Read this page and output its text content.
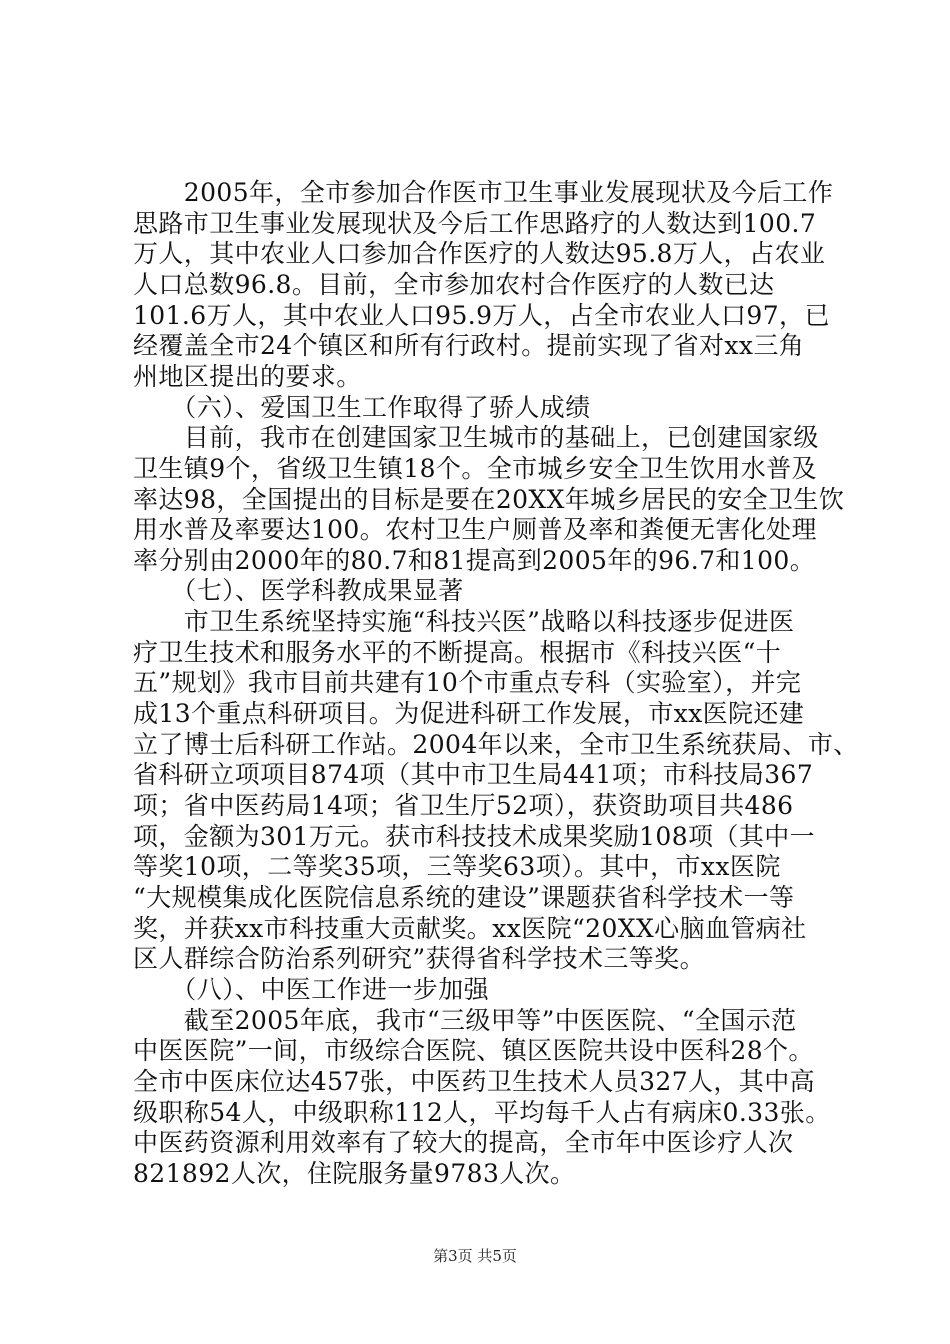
　　2005年，全市参加合作医市卫生事业发展现状及今后工作
思路市卫生事业发展现状及今后工作思路疗的人数达到100.7
万人，其中农业人口参加合作医疗的人数达95.8万人，占农业
人口总数96.8。目前，全市参加农村合作医疗的人数已达
101.6万人，其中农业人口95.9万人，占全市农业人口97，已
经覆盖全市24个镇区和所有行政村。提前实现了省对xx三角
州地区提出的要求。
　　（六）、爱国卫生工作取得了骄人成绩
　　目前，我市在创建国家卫生城市的基础上，已创建国家级
卫生镇9个，省级卫生镇18个。全市城乡安全卫生饮用水普及
率达98，全国提出的目标是要在20XX年城乡居民的安全卫生饮
用水普及率要达100。农村卫生户厕普及率和粪便无害化处理
率分别由2000年的80.7和81提高到2005年的96.7和100。
　　（七）、医学科教成果显著
　　市卫生系统坚持实施“科技兴医”战略以科技逐步促进医
疗卫生技术和服务水平的不断提高。根据市《科技兴医“十
五”规划》我市目前共建有10个市重点专科（实验室），并完
成13个重点科研项目。为促进科研工作发展，市xx医院还建
立了博士后科研工作站。2004年以来，全市卫生系统获局、市、
省科研立项项目874项（其中市卫生局441项；市科技局367
项；省中医药局14项；省卫生厅52项），获资助项目共486
项，金额为301万元。获市科技技术成果奖励108项（其中一
等奖10项，二等奖35项，三等奖63项）。其中，市xx医院
“大规模集成化医院信息系统的建设”课题获省科学技术一等
奖，并获xx市科技重大贡献奖。xx医院“20XX心脑血管病社
区人群综合防治系列研究”获得省科学技术三等奖。
　　（八）、中医工作进一步加强
　　截至2005年底，我市“三级甲等”中医医院、“全国示范
中医医院”一间，市级综合医院、镇区医院共设中医科28个。
全市中医床位达457张，中医药卫生技术人员327人，其中高
级职称54人，中级职称112人，平均每千人占有病床0.33张。
中医药资源利用效率有了较大的提高，全市年中医诊疗人次
821892人次，住院服务量9783人次。
第3页 共5页
